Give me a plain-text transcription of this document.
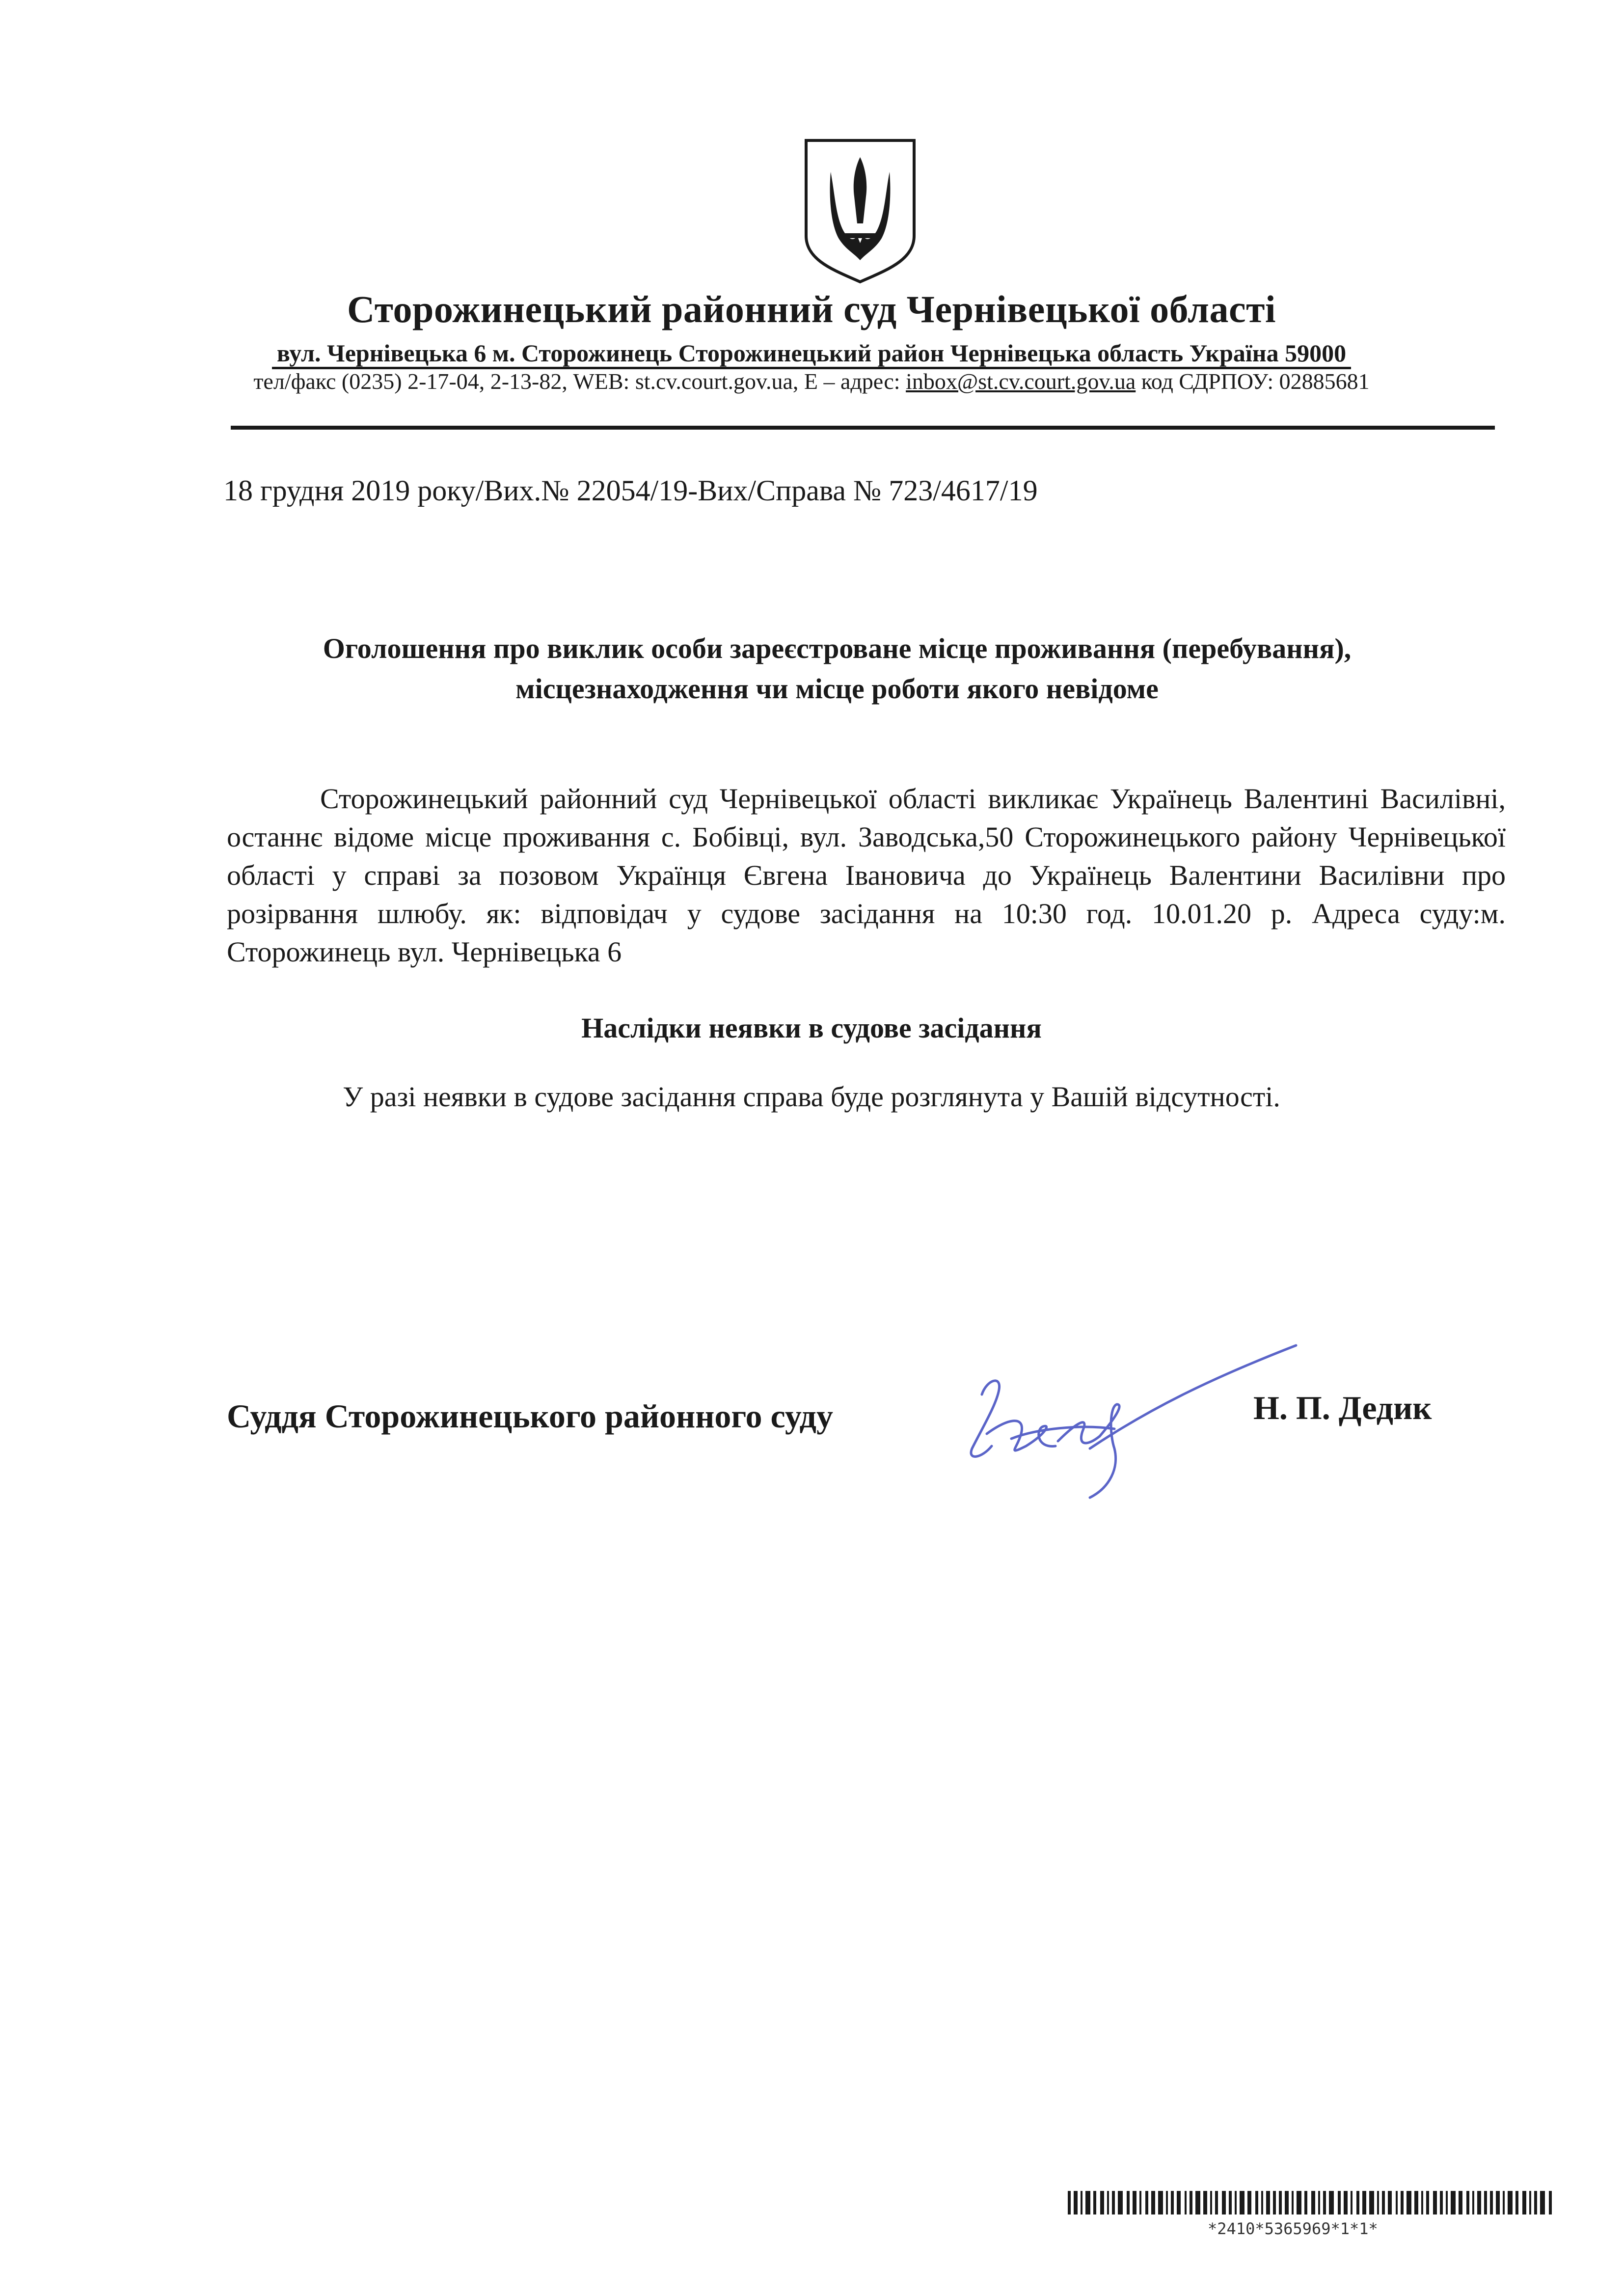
Сторожинецький районний суд Чернівецької області
вул. Чернівецька 6 м. Сторожинець Сторожинецький район Чернівецька область Україна 59000
тел/факс (0235) 2-17-04, 2-13-82, WEB: st.cv.court.gov.ua, E – адрес: inbox@st.cv.court.gov.ua код СДРПОУ: 02885681
18 грудня 2019 року/Вих.№ 22054/19-Вих/Справа № 723/4617/19
Оголошення про виклик особи зареєстроване місце проживання (перебування),
місцезнаходження чи місце роботи якого невідоме
Сторожинецький районний суд Чернівецької області викликає Українець Валентині Василівні, останнє відоме місце проживання с. Бобівці, вул. Заводська,50 Сторожинецького району Чернівецької області у справі за позовом Українця Євгена Івановича до Українець Валентини Василівни про розірвання шлюбу. як: відповідач у судове засідання на 10:30 год. 10.01.20 р. Адреса суду:м. Сторожинець вул. Чернівецька 6
Наслідки неявки в судове засідання
У разі неявки в судове засідання справа буде розглянута у Вашій відсутності.
Суддя Сторожинецького районного суду	Н. П. Дедик
*2410*5365969*1*1*
